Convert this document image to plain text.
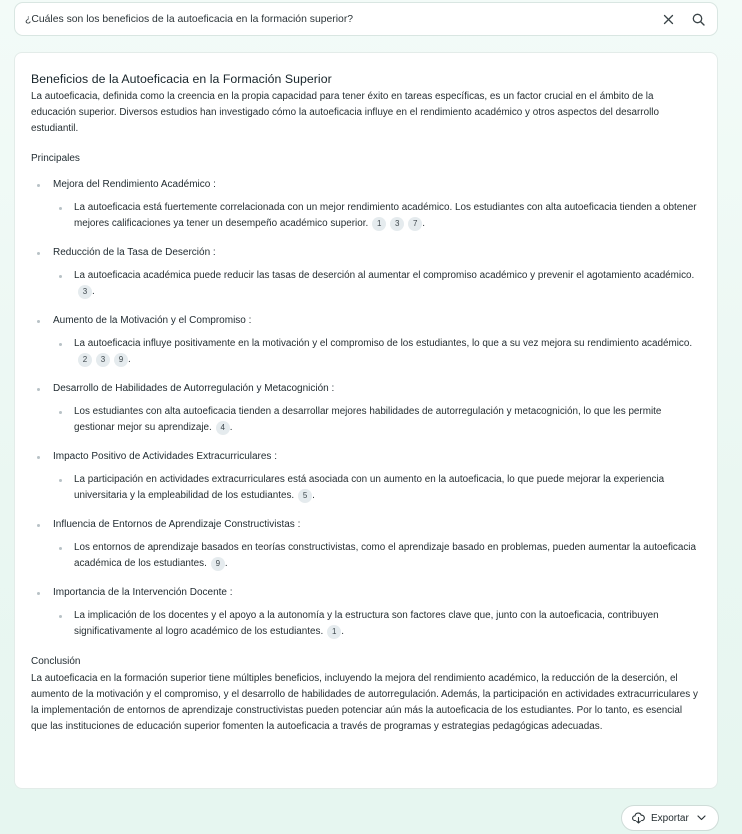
¿Cuáles son los beneficios de la autoeficacia en la formación superior?
Beneficios de la Autoeficacia en la Formación Superior

La autoeficacia, definida como la creencia en la propia capacidad para tener éxito en tareas específicas, es un factor crucial en el ámbito de la educación superior. Diversos estudios han investigado cómo la autoeficacia influye en el rendimiento académico y otros aspectos del desarrollo estudiantil.

Principales
Mejora del Rendimiento Académico :
La autoeficacia está fuertemente correlacionada con un mejor rendimiento académico. Los estudiantes con alta autoeficacia tienden a obtener mejores calificaciones ya tener un desempeño académico superior. 1 3 7 .
Reducción de la Tasa de Deserción :
La autoeficacia académica puede reducir las tasas de deserción al aumentar el compromiso académico y prevenir el agotamiento académico.3 .
Aumento de la Motivación y el Compromiso :
La autoeficacia influye positivamente en la motivación y el compromiso de los estudiantes, lo que a su vez mejora su rendimiento académico.2 3 9 .
Desarrollo de Habilidades de Autorregulación y Metacognición :
Los estudiantes con alta autoeficacia tienden a desarrollar mejores habilidades de autorregulación y metacognición, lo que les permite gestionar mejor su aprendizaje. 4 .
Impacto Positivo de Actividades Extracurriculares :
La participación en actividades extracurriculares está asociada con un aumento en la autoeficacia, lo que puede mejorar la experiencia universitaria y la empleabilidad de los estudiantes. 5 .
Influencia de Entornos de Aprendizaje Constructivistas :
Los entornos de aprendizaje basados en teorías constructivistas, como el aprendizaje basado en problemas, pueden aumentar la autoeficacia académica de los estudiantes. 9 .
Importancia de la Intervención Docente :
La implicación de los docentes y el apoyo a la autonomía y la estructura son factores clave que, junto con la autoeficacia, contribuyen significativamente al logro académico de los estudiantes. 1 .
Conclusión

La autoeficacia en la formación superior tiene múltiples beneficios, incluyendo la mejora del rendimiento académico, la reducción de la deserción, el aumento de la motivación y el compromiso, y el desarrollo de habilidades de autorregulación. Además, la participación en actividades extracurriculares y la implementación de entornos de aprendizaje constructivistas pueden potenciar aún más la autoeficacia de los estudiantes. Por lo tanto, es esencial que las instituciones de educación superior fomenten la autoeficacia a través de programas y estrategias pedagógicas adecuadas.

Exportar
